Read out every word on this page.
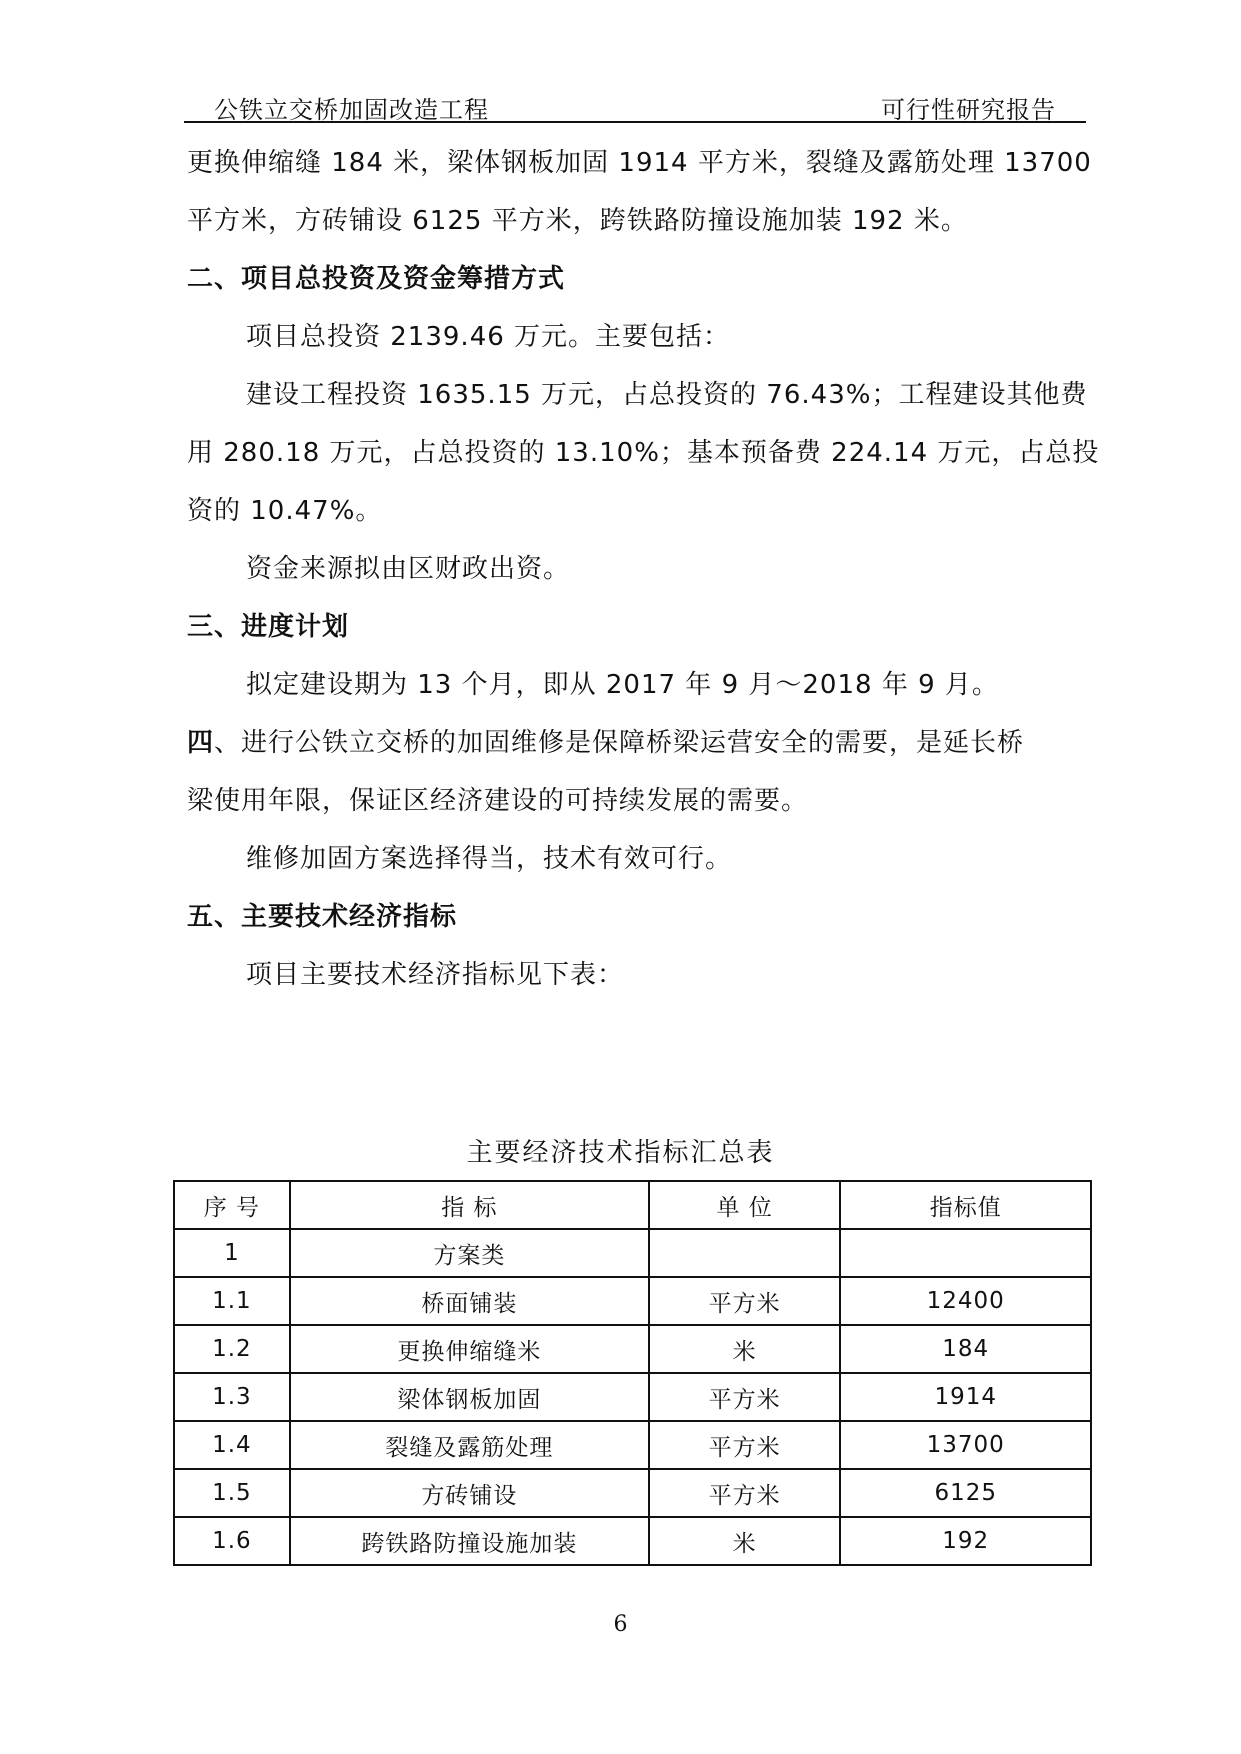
公铁立交桥加固改造工程	可行性研究报告
更换伸缩缝 184 米，梁体钢板加固 1914 平方米，裂缝及露筋处理 13700
平方米，方砖铺设 6125 平方米，跨铁路防撞设施加装 192 米。
二、项目总投资及资金筹措方式
项目总投资 2139.46 万元。主要包括：
建设工程投资 1635.15 万元，占总投资的 76.43%；工程建设其他费
用 280.18 万元，占总投资的 13.10%；基本预备费 224.14 万元，占总投
资的 10.47%。
资金来源拟由区财政出资。
三、进度计划
拟定建设期为 13 个月，即从 2017 年 9 月～2018 年 9 月。
四、进行公铁立交桥的加固维修是保障桥梁运营安全的需要，是延长桥
梁使用年限，保证区经济建设的可持续发展的需要。
维修加固方案选择得当，技术有效可行。
五、主要技术经济指标
项目主要技术经济指标见下表：
主要经济技术指标汇总表
序 号	指 标	单 位	指标值
1	方案类		
1.1	桥面铺装	平方米	12400
1.2	更换伸缩缝米	米	184
1.3	梁体钢板加固	平方米	1914
1.4	裂缝及露筋处理	平方米	13700
1.5	方砖铺设	平方米	6125
1.6	跨铁路防撞设施加装	米	192
6
